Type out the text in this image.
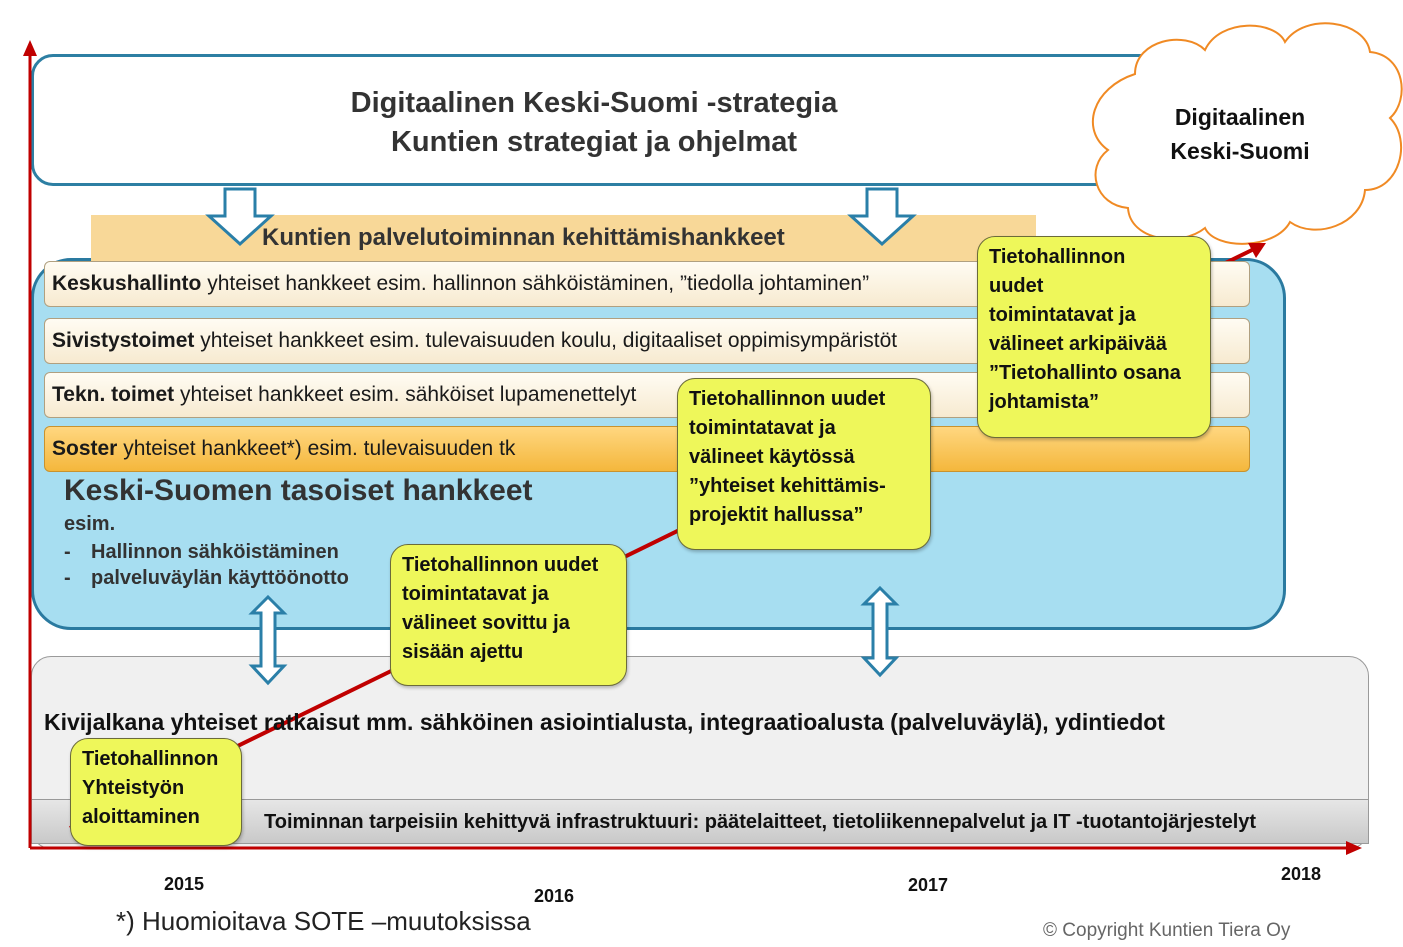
Digitaalinen Keski-Suomi -strategia
Kuntien strategiat ja ohjelmat
Digitaalinen
Keski-Suomi
Kuntien palvelutoiminnan kehittämishankkeet
Keskushallinto yhteiset hankkeet esim. hallinnon sähköistäminen, ”tiedolla johtaminen”
Sivistystoimet yhteiset hankkeet esim. tulevaisuuden koulu, digitaaliset oppimisympäristöt
Tekn. toimet yhteiset hankkeet esim. sähköiset lupamenettelyt
Soster yhteiset hankkeet*) esim. tulevaisuuden tk
Keski-Suomen tasoiset hankkeet
esim.
- Hallinnon sähköistäminen
- palveluväylän käyttöönotto
Kivijalkana yhteiset ratkaisut mm. sähköinen asiointialusta, integraatioalusta (palveluväylä), ydintiedot
Toiminnan tarpeisiin kehittyvä infrastruktuuri: päätelaitteet, tietoliikennepalvelut ja IT -tuotantojärjestelyt
Tietohallinnon
Yhteistyön
aloittaminen
Tietohallinnon uudet
toimintatavat ja
välineet sovittu ja
sisään ajettu
Tietohallinnon uudet
toimintatavat ja
välineet käytössä
”yhteiset kehittämis-
projektit hallussa”
Tietohallinnon
uudet
toimintatavat ja
välineet arkipäivää
”Tietohallinto osana
johtamista”
2015
2016
2017
2018
*) Huomioitava SOTE –muutoksissa	© Copyright Kuntien Tiera Oy
